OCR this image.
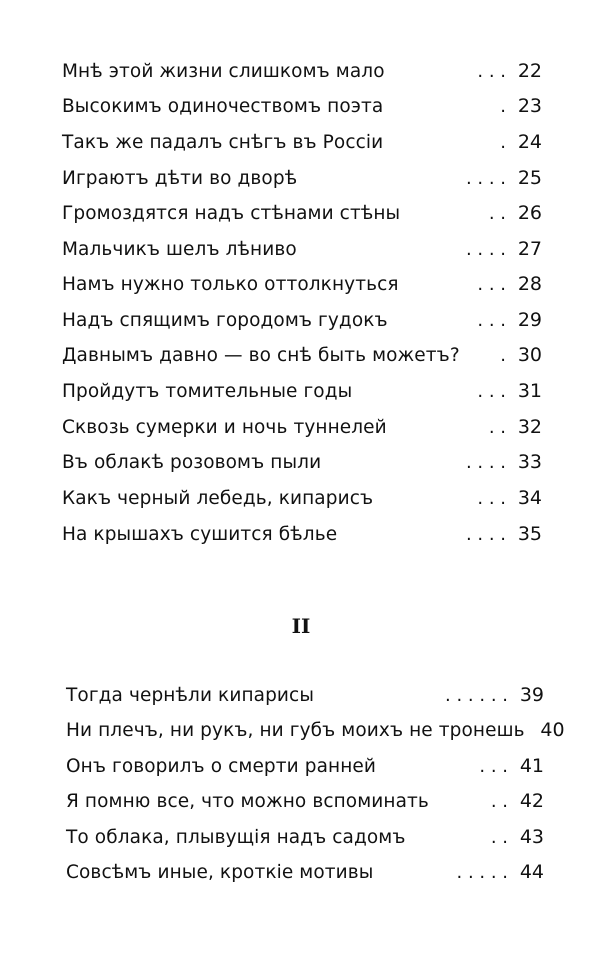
Мнѣ этой жизни слишкомъ мало	. . . 22
Высокимъ одиночествомъ поэта	. 23
Такъ же падалъ снѣгъ въ Россіи	. 24
Играютъ дѣти во дворѣ	. . . . 25
Громоздятся надъ стѣнами стѣны	. . 26
Мальчикъ шелъ лѣниво	. . . . 27
Намъ нужно только оттолкнуться	. . . 28
Надъ спящимъ городомъ гудокъ	. . . 29
Давнымъ давно — во снѣ быть можетъ?	. 30
Пройдутъ томительные годы	. . . 31
Сквозь сумерки и ночь туннелей	. . 32
Въ облакѣ розовомъ пыли	. . . . 33
Какъ черный лебедь, кипарисъ	. . . 34
На крышахъ сушится бѣлье	. . . . 35
II
Тогда чернѣли кипарисы	. . . . . . 39
Ни плечъ, ни рукъ, ни губъ моихъ не тронешь 40
Онъ говорилъ о смерти ранней	. . . 41
Я помню все, что можно вспоминать	. . 42
То облака, плывущія надъ садомъ	. . 43
Совсѣмъ иные, кроткіе мотивы	. . . . . 44
